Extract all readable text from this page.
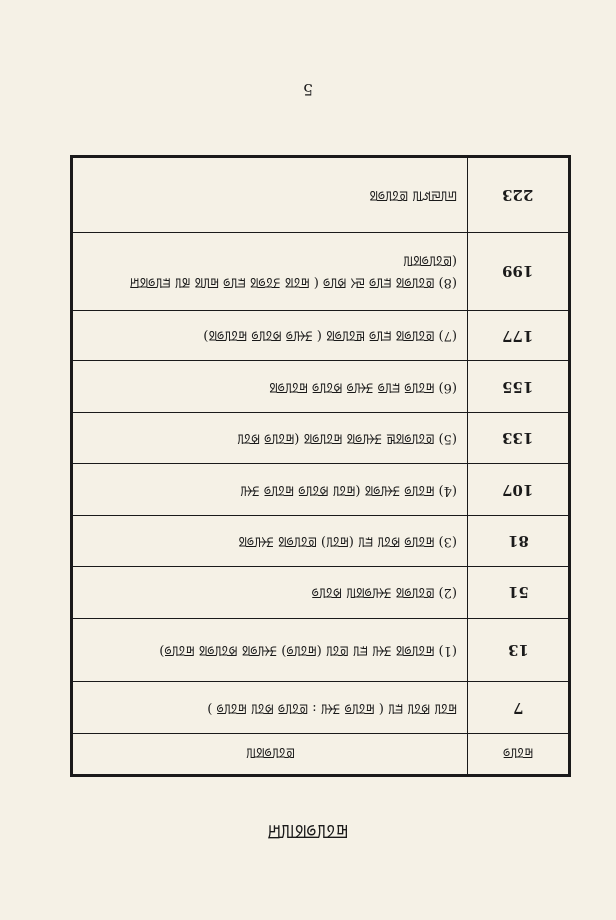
5
ꡚꡦꡙꡜꡃ ꡔꡞꡦꡟꡋ	223

(ꡔꡞꡦꡟꡋꡃ
(8) ꡔꡞꡦꡟꡋ ꡀꡦꡟ ꡙꡡ ꡐꡦꡟ ( ꡂꡞꡋ ꡗꡞꡟꡋ ꡀꡦꡟ ꡂꡦꡋ ꡏꡦ ꡀꡦꡟꡋꡒ	199

(7) ꡔꡞꡦꡟꡋ ꡀꡦꡟ ꡁꡞꡦꡟꡋ ( ꡗꡡꡦꡟ ꡐꡞꡦꡟ ꡂꡞꡦꡟꡋ)	177

(6) ꡂꡞꡦꡟ ꡀꡦꡟ ꡗꡡꡦꡟ ꡐꡞꡦꡟ ꡂꡞꡦꡟꡋ	155

(5) ꡔꡞꡦꡟꡋꡁ ꡗꡡꡦꡟꡋ ꡂꡞꡦꡟꡋ (ꡂꡞꡦꡟ ꡐꡞꡦ	133

(4) ꡂꡞꡦꡟ ꡗꡡꡦꡟꡋ (ꡂꡞꡦ ꡐꡞꡦꡟ ꡂꡞꡦꡟ ꡗꡡꡦ	107

(3) ꡂꡞꡦꡟ ꡐꡞꡦ ꡀꡦ (ꡂꡞꡦ) ꡔꡞꡦꡟꡋ ꡗꡡꡦꡟꡋ	81

(2) ꡔꡞꡦꡟꡋ ꡗꡡꡦꡟꡋꡃ ꡐꡞꡦꡟ	51

(1) ꡂꡞꡦꡟꡋ ꡗꡡꡦ ꡀꡦ ꡔꡞꡦ (ꡂꡞꡦꡟ) ꡗꡡꡦꡟꡋ ꡐꡞꡦꡟꡋ ꡂꡞꡦꡟ)	13

ꡂꡞꡦ ꡐꡞꡦ ꡀꡦ ( ꡂꡞꡦꡟ ꡗꡡꡦ : ꡔꡞꡦꡟ ꡐꡞꡦ ꡂꡞꡦꡟ )	7
ꡔꡞꡦꡟꡋꡃ	ꡂꡞꡦꡟ
ꡂꡞꡦꡟꡋꡃꡒ
